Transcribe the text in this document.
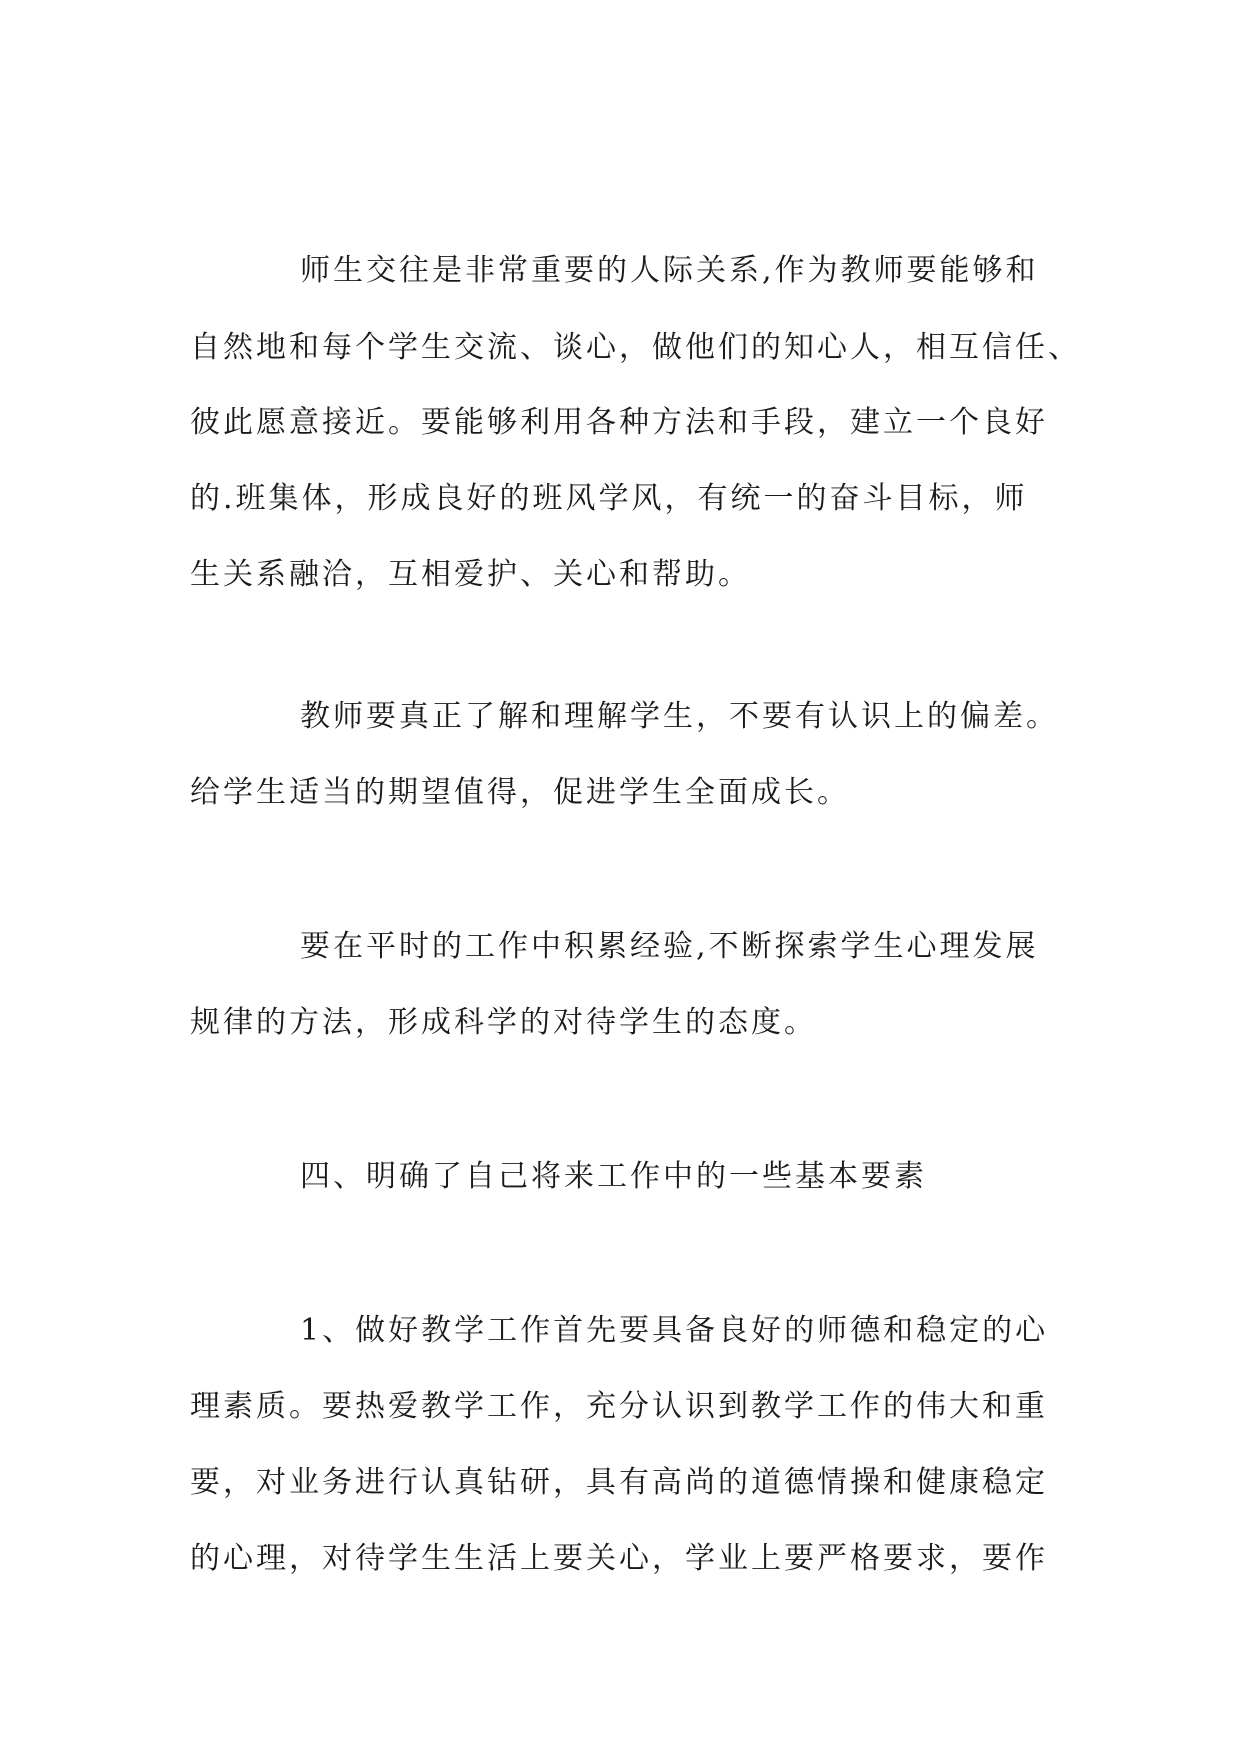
师生交往是非常重要的人际关系,作为教师要能够和
自然地和每个学生交流、谈心，做他们的知心人，相互信任、
彼此愿意接近。要能够利用各种方法和手段，建立一个良好
的.班集体，形成良好的班风学风，有统一的奋斗目标，师
生关系融洽，互相爱护、关心和帮助。
教师要真正了解和理解学生，不要有认识上的偏差。
给学生适当的期望值得，促进学生全面成长。
要在平时的工作中积累经验,不断探索学生心理发展
规律的方法，形成科学的对待学生的态度。
四、明确了自己将来工作中的一些基本要素
1、做好教学工作首先要具备良好的师德和稳定的心
理素质。要热爱教学工作，充分认识到教学工作的伟大和重
要，对业务进行认真钻研，具有高尚的道德情操和健康稳定
的心理，对待学生生活上要关心，学业上要严格要求，要作
